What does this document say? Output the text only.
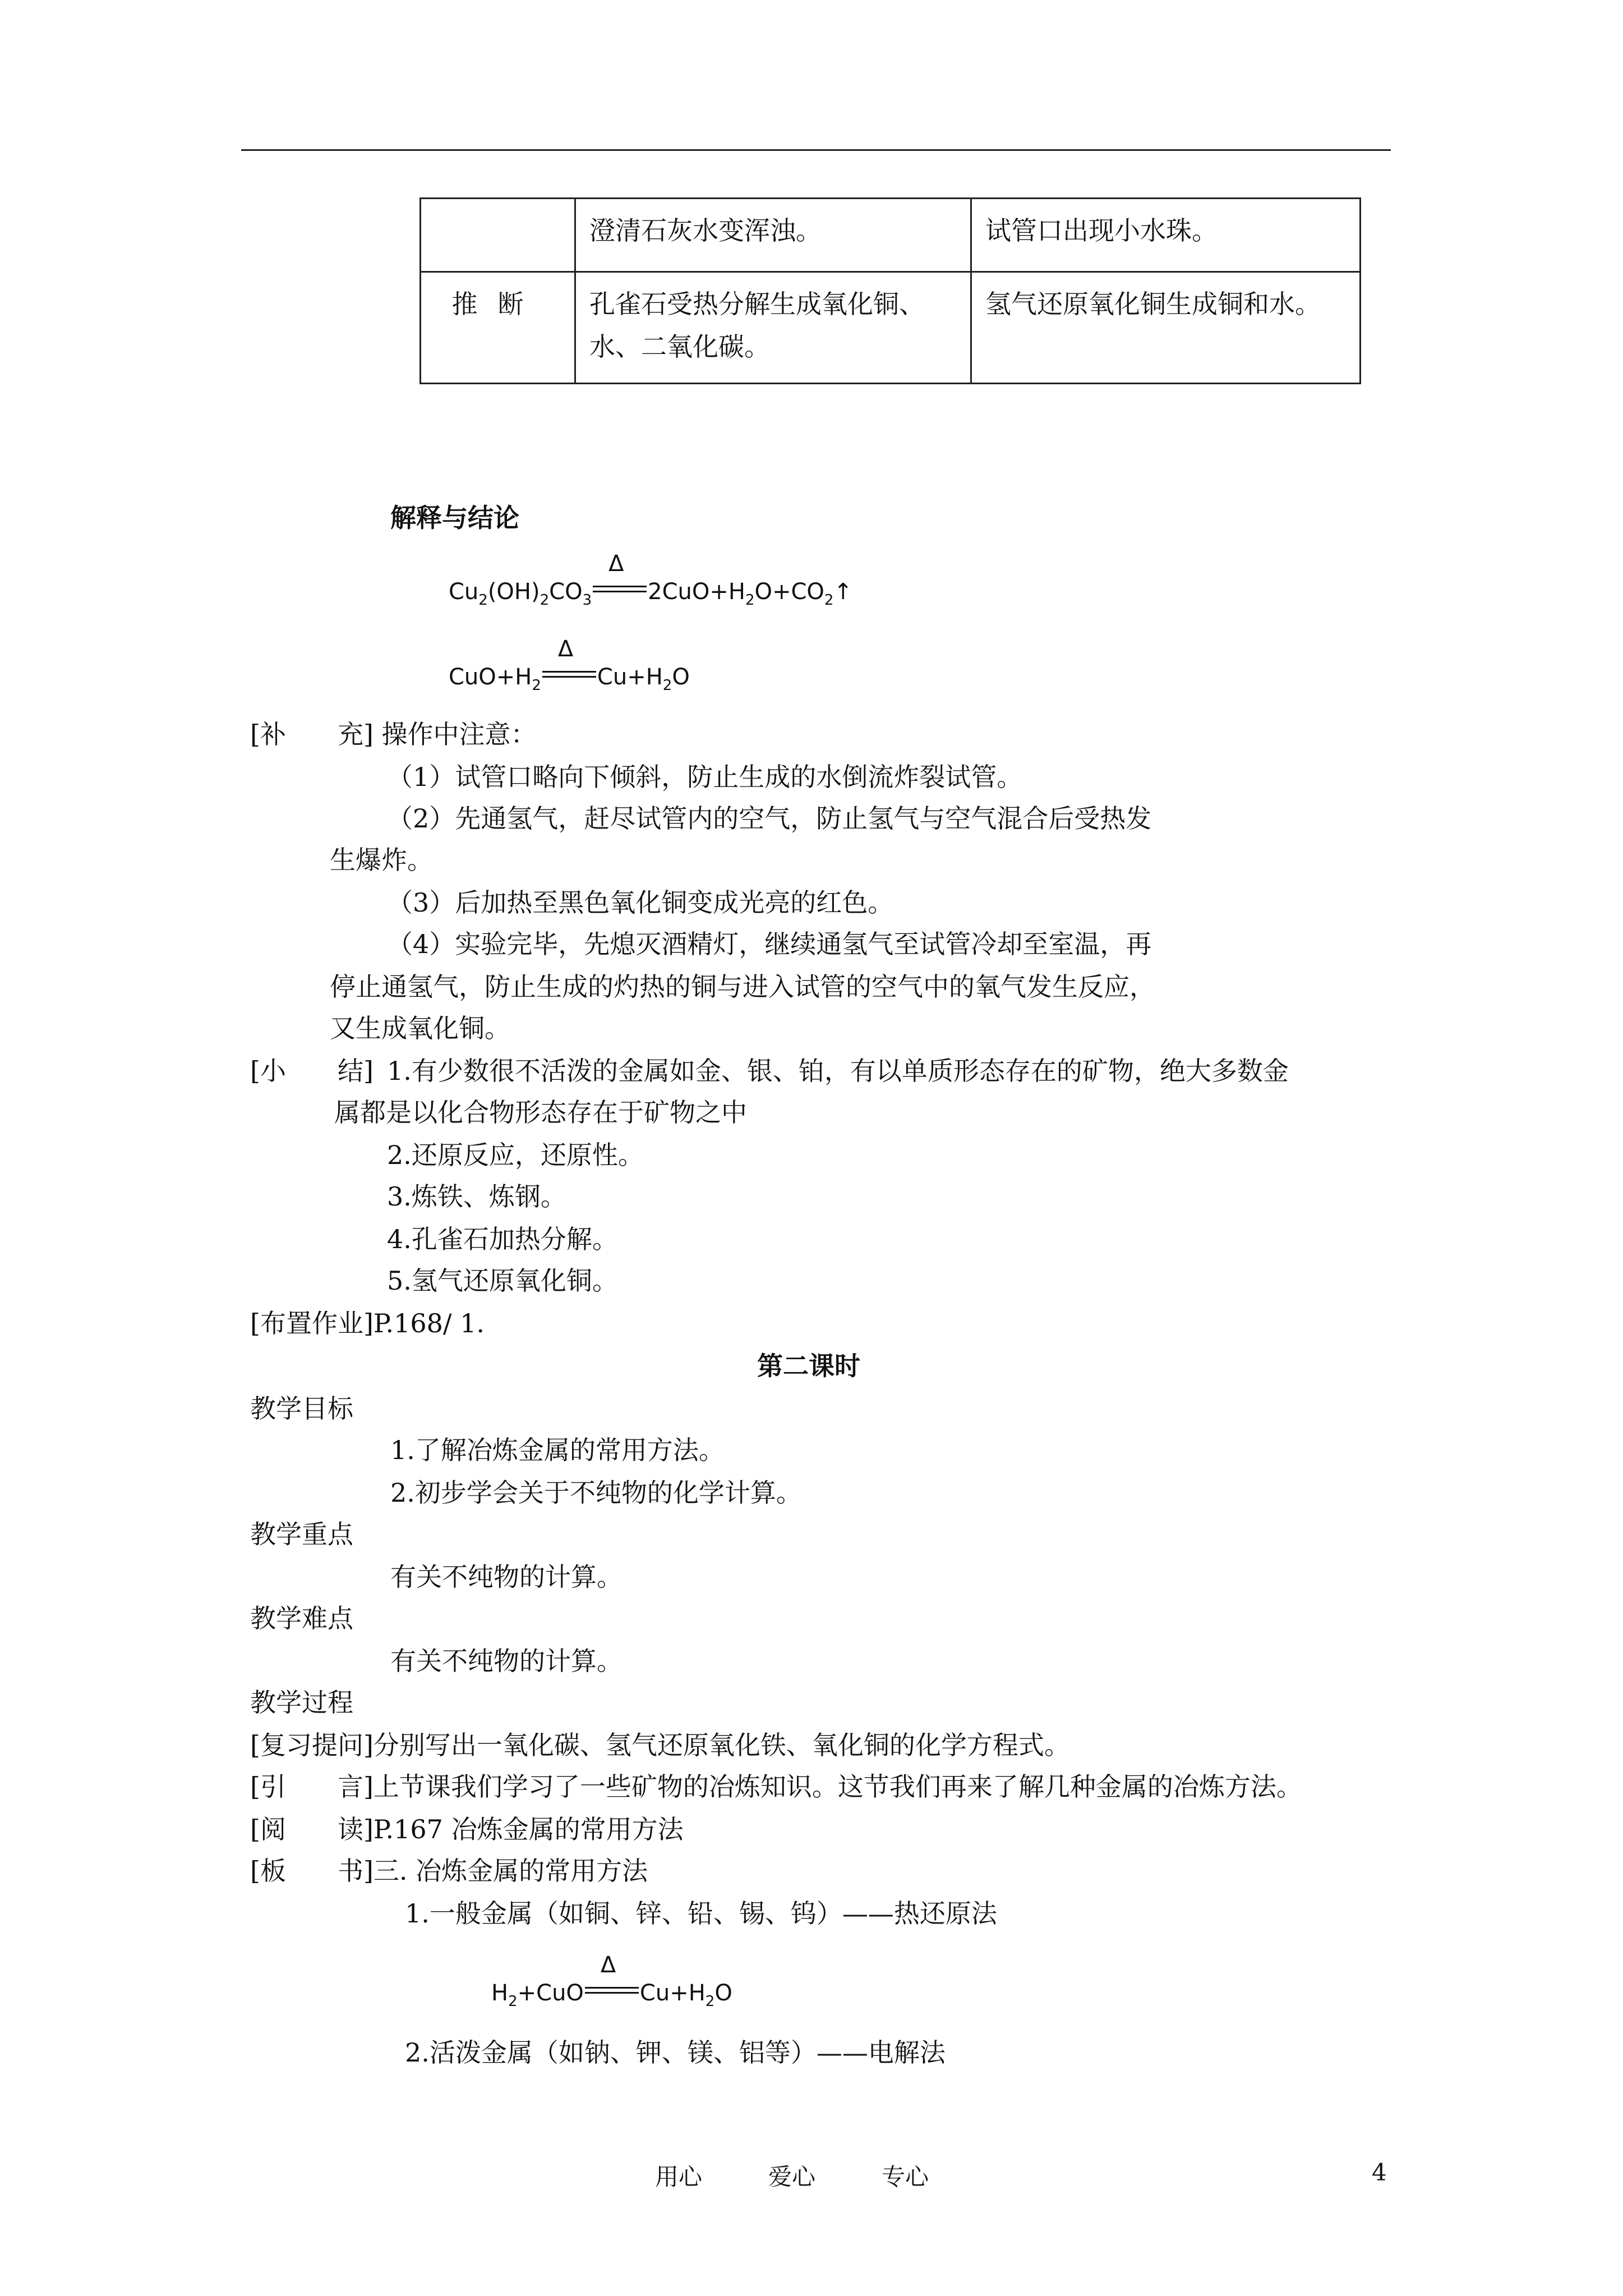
	澄清石灰水变浑浊。	试管口出现小水珠。
推断	孔雀石受热分解生成氧化铜、水、二氧化碳。	氢气还原氧化铜生成铜和水。
解释与结论
$Cu_2(OH)_2CO_3$
Δ
$2CuO+H_2O+CO_2↑$
$CuO+H_2$
Δ
$Cu+H_2O$
[补　　充] 操作中注意：
（1）试管口略向下倾斜，防止生成的水倒流炸裂试管。
（2）先通氢气，赶尽试管内的空气，防止氢气与空气混合后受热发
生爆炸。
（3）后加热至黑色氧化铜变成光亮的红色。
（4）实验完毕，先熄灭酒精灯，继续通氢气至试管冷却至室温，再
停止通氢气，防止生成的灼热的铜与进入试管的空气中的氧气发生反应，
又生成氧化铜。
[小　　结] 1.有少数很不活泼的金属如金、银、铂，有以单质形态存在的矿物，绝大多数金
属都是以化合物形态存在于矿物之中
2.还原反应，还原性。
3.炼铁、炼钢。
4.孔雀石加热分解。
5.氢气还原氧化铜。
[布置作业]P.168/ 1.
第二课时
教学目标
1.了解冶炼金属的常用方法。
2.初步学会关于不纯物的化学计算。
教学重点
有关不纯物的计算。
教学难点
有关不纯物的计算。
教学过程
[复习提问]分别写出一氧化碳、氢气还原氧化铁、氧化铜的化学方程式。
[引　　言]上节课我们学习了一些矿物的冶炼知识。这节我们再来了解几种金属的冶炼方法。
[阅　　读]P.167 冶炼金属的常用方法
[板　　书]三. 冶炼金属的常用方法
1.一般金属（如铜、锌、铅、锡、钨）——热还原法
$H_2+CuO$
Δ
$Cu+H_2O$
2.活泼金属（如钠、钾、镁、铝等）——电解法
用心	爱心	专心	4
